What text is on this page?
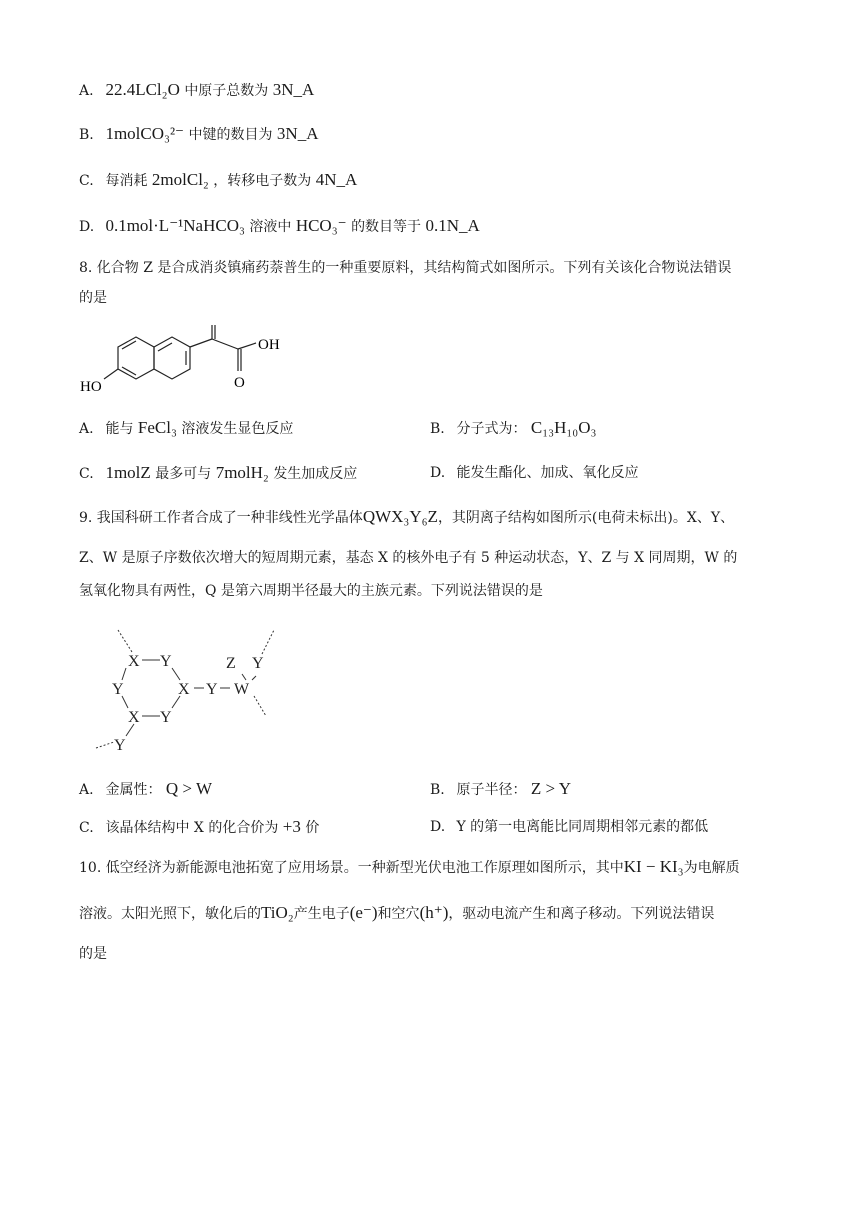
A. 22.4LCl₂O 中原子总数为 3N_A
B. 1molCO₃²⁻ 中键的数目为 3N_A
C. 每消耗 2molCl₂ ，转移电子数为 4N_A
D. 0.1mol·L⁻¹NaHCO₃ 溶液中 HCO₃⁻ 的数目等于 0.1N_A
8. 化合物 Z 是合成消炎镇痛药萘普生的一种重要原料，其结构简式如图所示。下列有关该化合物说法错误
的是
OH
O
HO
A. 能与 FeCl₃ 溶液发生显色反应	B. 分子式为： C₁₃H₁₀O₃
C. 1molZ 最多可与 7molH₂ 发生加成反应	D. 能发生酯化、加成、氧化反应
9. 我国科研工作者合成了一种非线性光学晶体QWX₃Y₆Z，其阴离子结构如图所示(电荷未标出)。X、Y、
Z、W 是原子序数依次增大的短周期元素，基态 X 的核外电子有 5 种运动状态，Y、Z 与 X 同周期，W 的
氢氧化物具有两性，Q 是第六周期半径最大的主族元素。下列说法错误的是
X Y
Y	X
X Y
Y
Y W
Z Y
A. 金属性： Q > W	B. 原子半径： Z > Y
C. 该晶体结构中 X 的化合价为 +3 价	D. Y 的第一电离能比同周期相邻元素的都低
10. 低空经济为新能源电池拓宽了应用场景。一种新型光伏电池工作原理如图所示，其中KI − KI₃为电解质
溶液。太阳光照下，敏化后的TiO₂产生电子(e⁻)和空穴(h⁺)，驱动电流产生和离子移动。下列说法错误
的是
